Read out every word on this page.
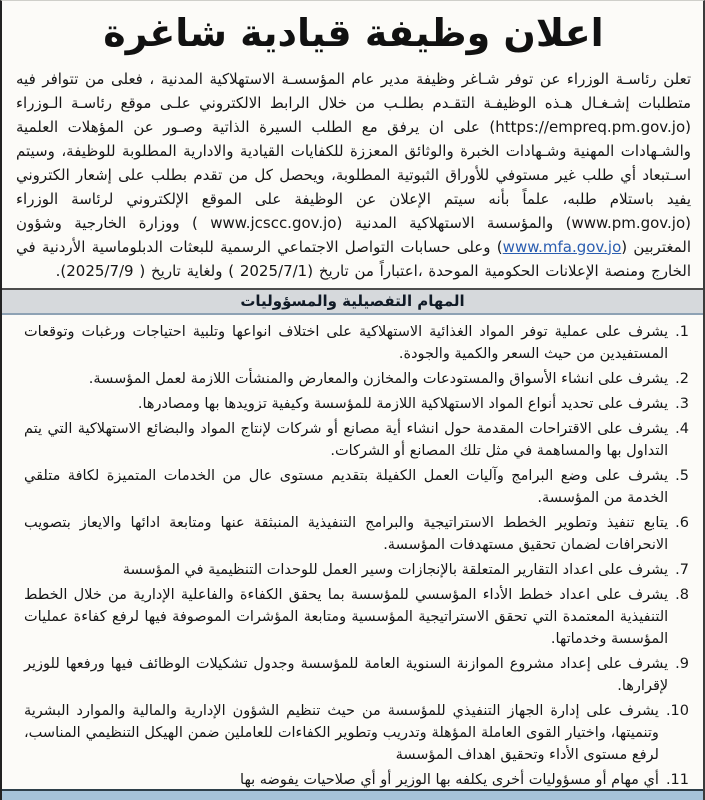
اعلان وظيفة قيادية شاغرة

تعلن رئاسـة الوزراء عن توفر شـاغر وظيفة مدير عام المؤسسـة الاستهلاكية المدنية ، فعلى من تتوافر فيه متطلبات إشـغـال هـذه الوظيفـة التقـدم بطلـب من خلال الرابط الالكتروني علـى موقع رئاسـة الـوزراء (https://empreq.pm.gov.jo) على ان يرفق مع الطلب السيرة الذاتية وصـور عن المؤهلات العلمية والشـهادات المهنية وشـهادات الخبرة والوثائق المعززة للكفايات القيادية والادارية المطلوبة للوظيفة، وسيتم اسـتبعاد أي طلب غير مستوفي للأوراق الثبوتية المطلوبة، ويحصل كل من تقدم بطلب على إشعار الكتروني يفيد باستلام طلبه، علماً بأنه سيتم الإعلان عن الوظيفة على الموقع الإلكتروني لرئاسة الوزراء (www.pm.gov.jo) والمؤسسة الاستهلاكية المدنية (www.jcscc.gov.jo ) ووزارة الخارجية وشؤون المغتربين (www.mfa.gov.jo) وعلى حسابات التواصل الاجتماعي الرسمية للبعثات الدبلوماسية الأردنية في الخارج ومنصة الإعلانات الحكومية الموحدة ،اعتباراً من تاريخ (2025/7/1 ) ولغاية تاريخ ( 2025/7/9).

المهام التفصيلية والمسؤوليات
1.
يشرف على عملية توفر المواد الغذائية الاستهلاكية على اختلاف انواعها وتلبية احتياجات ورغبات وتوقعات المستفيدين من حيث السعر والكمية والجودة.
2.
يشرف على انشاء الأسواق والمستودعات والمخازن والمعارض والمنشأت اللازمة لعمل المؤسسة.
3.
يشرف على تحديد أنواع المواد الاستهلاكية اللازمة للمؤسسة وكيفية تزويدها بها ومصادرها.
4.
يشرف على الاقتراحات المقدمة حول انشاء أية مصانع أو شركات لإنتاج المواد والبضائع الاستهلاكية التي يتم التداول بها والمساهمة في مثل تلك المصانع أو الشركات.
5.
يشرف على وضع البرامج وآليات العمل الكفيلة بتقديم مستوى عال من الخدمات المتميزة لكافة متلقي الخدمة من المؤسسة.
6.
يتابع تنفيذ وتطوير الخطط الاستراتيجية والبرامج التنفيذية المنبثقة عنها ومتابعة ادائها والايعاز بتصويب الانحرافات لضمان تحقيق مستهدفات المؤسسة.
7.
يشرف على اعداد التقارير المتعلقة بالإنجازات وسير العمل للوحدات التنظيمية في المؤسسة
8.
يشرف على اعداد خطط الأداء المؤسسي للمؤسسة بما يحقق الكفاءة والفاعلية الإدارية من خلال الخطط التنفيذية المعتمدة التي تحقق الاستراتيجية المؤسسية ومتابعة المؤشرات الموصوفة فيها لرفع كفاءة عمليات المؤسسة وخدماتها.
9.
يشرف على إعداد مشروع الموازنة السنوية العامة للمؤسسة وجدول تشكيلات الوظائف فيها ورفعها للوزير لإقرارها.
10.
يشرف على إدارة الجهاز التنفيذي للمؤسسة من حيث تنظيم الشؤون الإدارية والمالية والموارد البشرية وتنميتها، واختيار القوى العاملة المؤهلة وتدريب وتطوير الكفاءات للعاملين ضمن الهيكل التنظيمي المناسب، لرفع مستوى الأداء وتحقيق اهداف المؤسسة
11.
أي مهام أو مسؤوليات أخرى يكلفه بها الوزير أو أي صلاحيات يفوضه بها
